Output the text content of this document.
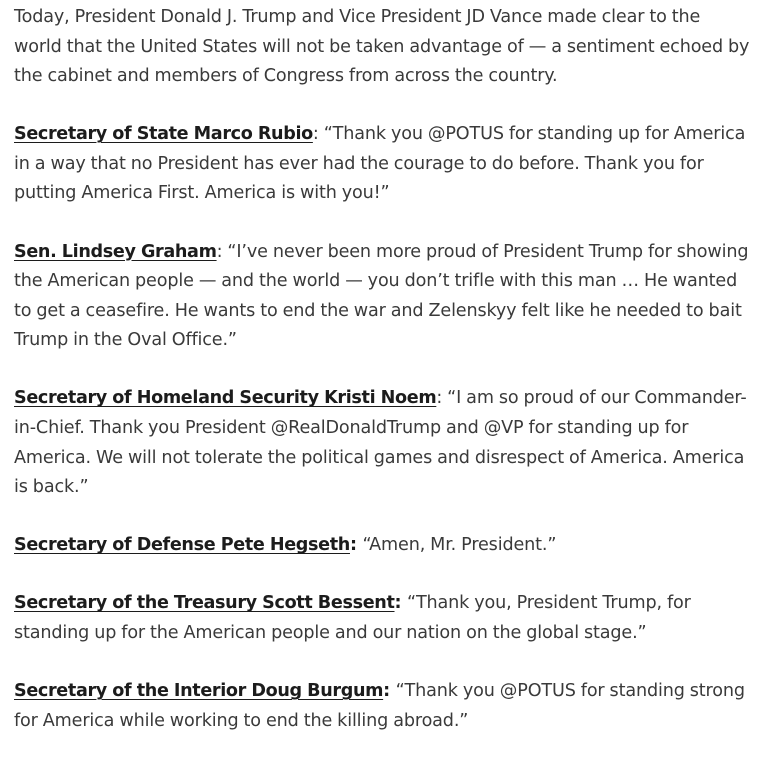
Today, President Donald J. Trump and Vice President JD Vance made clear to the world that the United States will not be taken advantage of — a sentiment echoed by the cabinet and members of Congress from across the country.

Secretary of State Marco Rubio: “Thank you @POTUS for standing up for America in a way that no President has ever had the courage to do before. Thank you for putting America First. America is with you!”

Sen. Lindsey Graham: “I’ve never been more proud of President Trump for showing the American people — and the world — you don’t trifle with this man … He wanted to get a ceasefire. He wants to end the war and Zelenskyy felt like he needed to bait Trump in the Oval Office.”

Secretary of Homeland Security Kristi Noem: “I am so proud of our Commander-in-Chief. Thank you President @RealDonaldTrump and @VP for standing up for America. We will not tolerate the political games and disrespect of America. America is back.”

Secretary of Defense Pete Hegseth: “Amen, Mr. President.”

Secretary of the Treasury Scott Bessent: “Thank you, President Trump, for standing up for the American people and our nation on the global stage.”

Secretary of the Interior Doug Burgum: “Thank you @POTUS for standing strong for America while working to end the killing abroad.”
